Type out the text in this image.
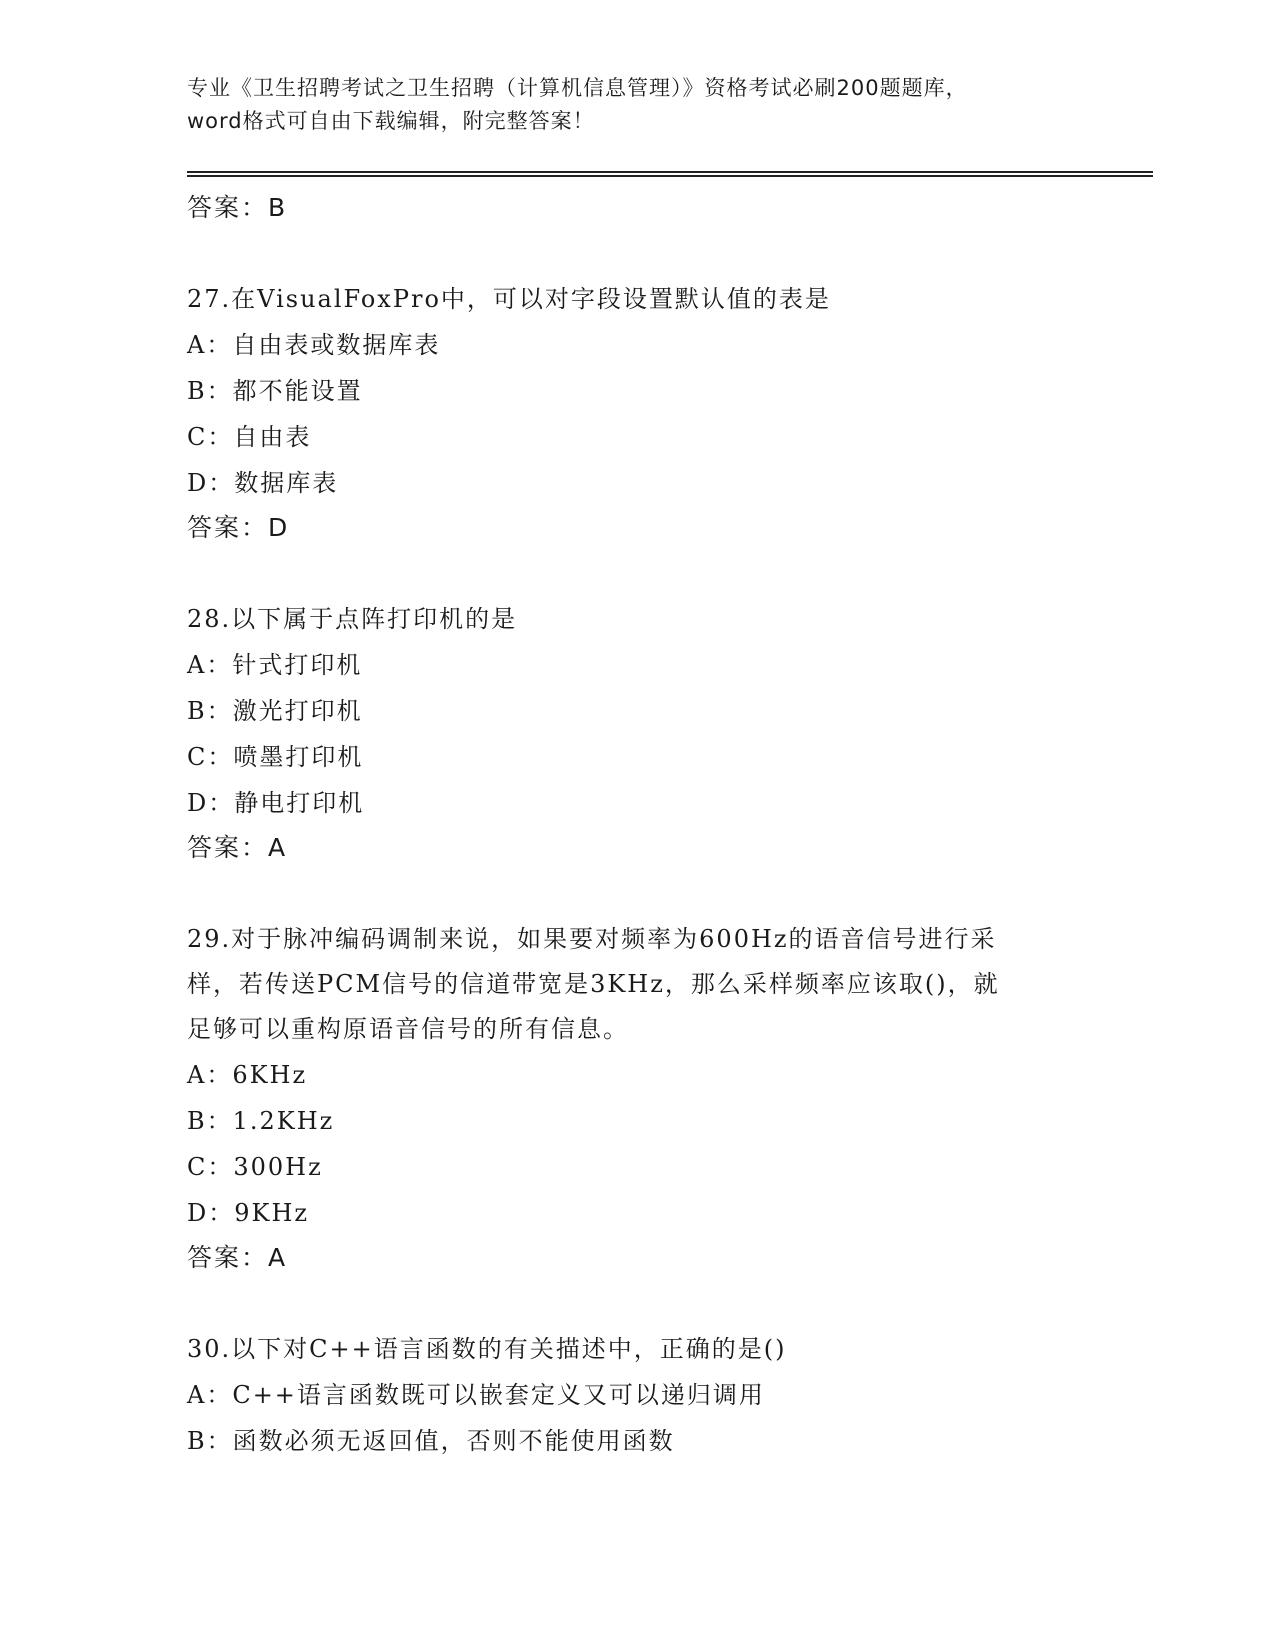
专业《卫生招聘考试之卫生招聘（计算机信息管理）》资格考试必刷200题题库，
word格式可自由下载编辑，附完整答案！

答案：B

27.在VisualFoxPro中，可以对字段设置默认值的表是

A：自由表或数据库表

B：都不能设置

C：自由表

D：数据库表

答案：D

28.以下属于点阵打印机的是

A：针式打印机

B：激光打印机

C：喷墨打印机

D：静电打印机

答案：A

29.对于脉冲编码调制来说，如果要对频率为600Hz的语音信号进行采

样，若传送PCM信号的信道带宽是3KHz，那么采样频率应该取()，就

足够可以重构原语音信号的所有信息。

A：6KHz

B：1.2KHz

C：300Hz

D：9KHz

答案：A

30.以下对C++语言函数的有关描述中，正确的是()

A：C++语言函数既可以嵌套定义又可以递归调用

B：函数必须无返回值，否则不能使用函数
